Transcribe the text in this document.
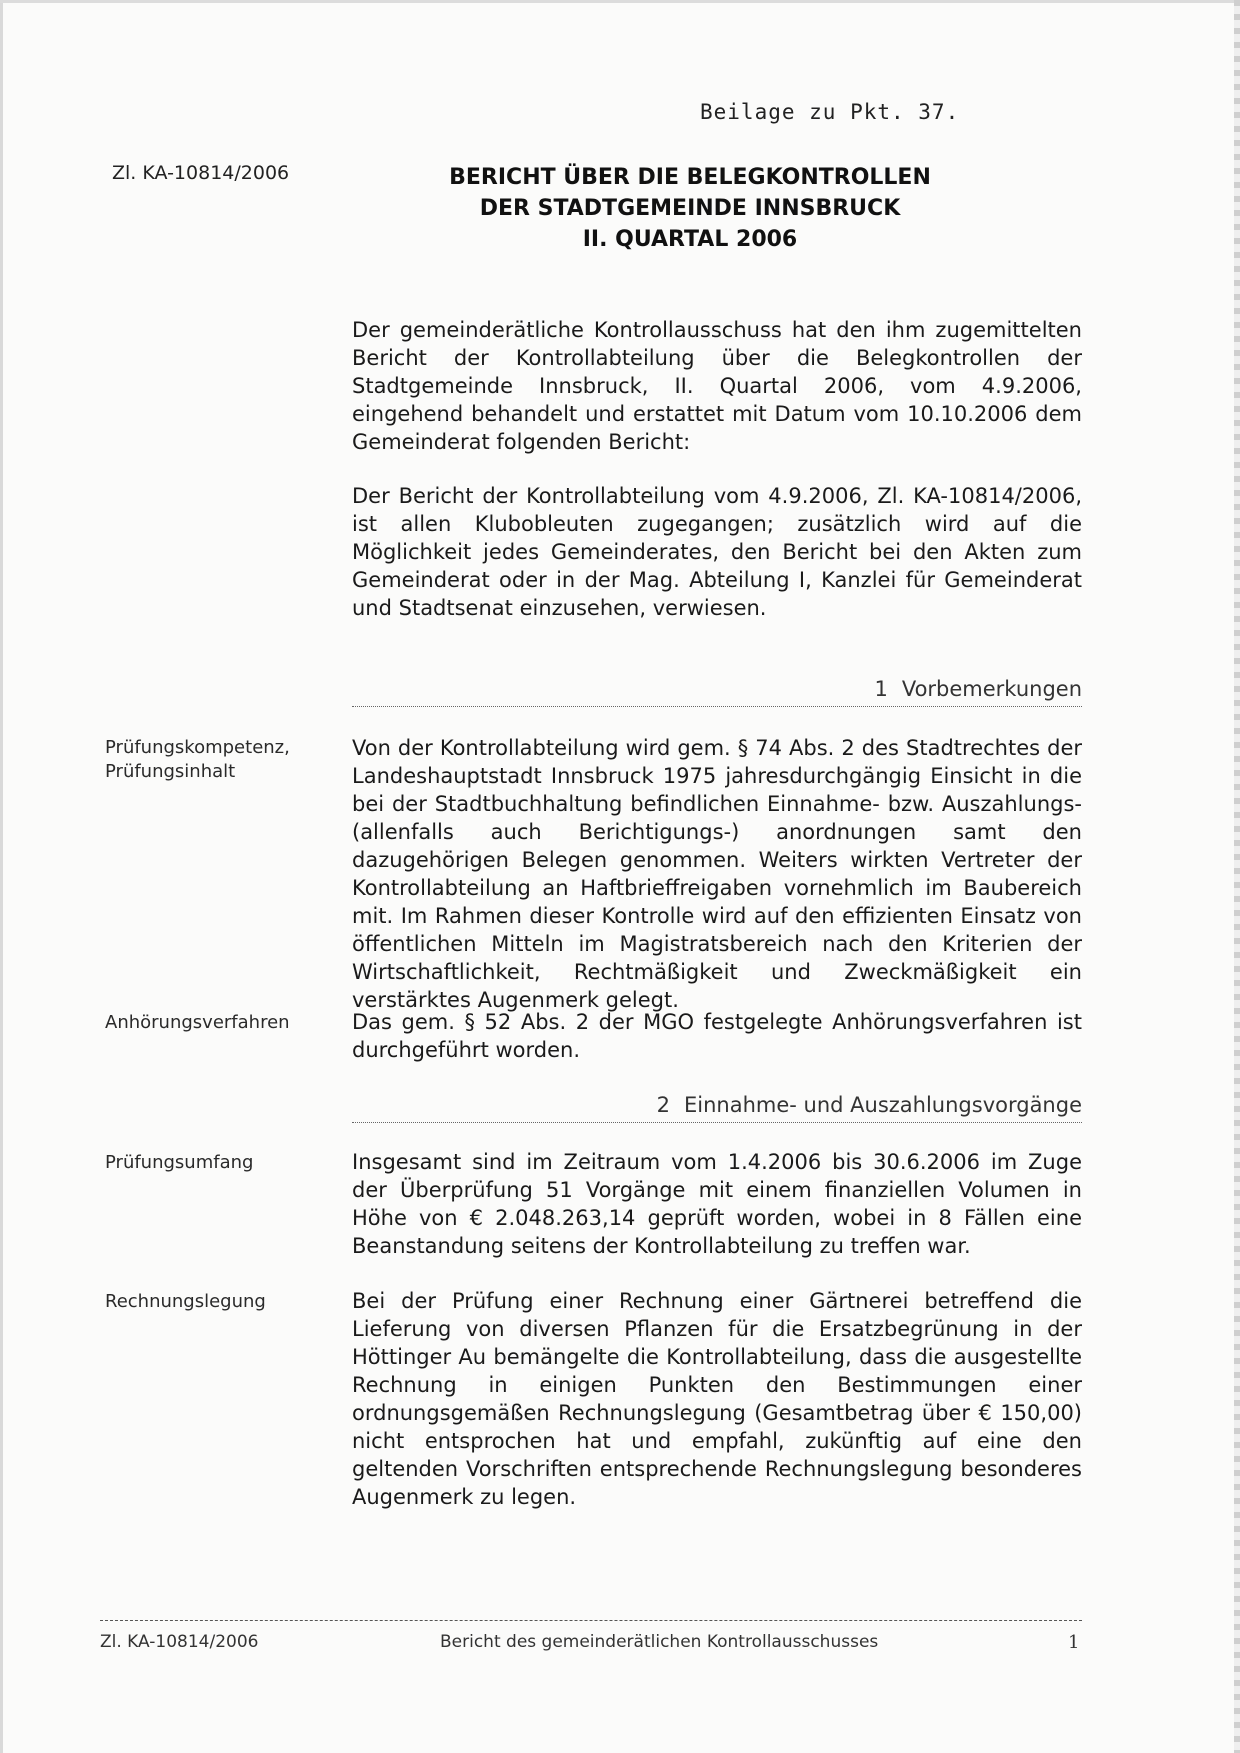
Beilage zu Pkt. 37.
Zl. KA-10814/2006	BERICHT ÜBER DIE BELEGKONTROLLEN
DER STADTGEMEINDE INNSBRUCK
II. QUARTAL 2006
Der gemeinderätliche Kontrollausschuss hat den ihm zugemittelten Bericht der Kontrollabteilung über die Belegkontrollen der Stadtgemeinde Innsbruck, II. Quartal 2006, vom 4.9.2006, eingehend behandelt und erstattet mit Datum vom 10.10.2006 dem Gemeinderat folgenden Bericht:
Der Bericht der Kontrollabteilung vom 4.9.2006, Zl. KA-10814/2006, ist allen Klubobleuten zugegangen; zusätzlich wird auf die Möglichkeit jedes Gemeinderates, den Bericht bei den Akten zum Gemeinderat oder in der Mag. Abteilung I, Kanzlei für Gemeinderat und Stadtsenat einzusehen, verwiesen.
1 Vorbemerkungen
Prüfungskompetenz, Prüfungsinhalt
Von der Kontrollabteilung wird gem. § 74 Abs. 2 des Stadtrechtes der Landeshauptstadt Innsbruck 1975 jahresdurchgängig Einsicht in die bei der Stadtbuchhaltung befindlichen Einnahme- bzw. Auszahlungs- (allenfalls auch Berichtigungs-) anordnungen samt den dazugehörigen Belegen genommen. Weiters wirkten Vertreter der Kontrollabteilung an Haftbrieffreigaben vornehmlich im Baubereich mit. Im Rahmen dieser Kontrolle wird auf den effizienten Einsatz von öffentlichen Mitteln im Magistratsbereich nach den Kriterien der Wirtschaftlichkeit, Rechtmäßigkeit und Zweckmäßigkeit ein verstärktes Augenmerk gelegt.
Anhörungsverfahren	Das gem. § 52 Abs. 2 der MGO festgelegte Anhörungsverfahren ist durchgeführt worden.
2 Einnahme- und Auszahlungsvorgänge
Prüfungsumfang	Insgesamt sind im Zeitraum vom 1.4.2006 bis 30.6.2006 im Zuge der Überprüfung 51 Vorgänge mit einem finanziellen Volumen in Höhe von € 2.048.263,14 geprüft worden, wobei in 8 Fällen eine Beanstandung seitens der Kontrollabteilung zu treffen war.
Rechnungslegung	Bei der Prüfung einer Rechnung einer Gärtnerei betreffend die Lieferung von diversen Pflanzen für die Ersatzbegrünung in der Höttinger Au bemängelte die Kontrollabteilung, dass die ausgestellte Rechnung in einigen Punkten den Bestimmungen einer ordnungsgemäßen Rechnungslegung (Gesamtbetrag über € 150,00) nicht entsprochen hat und empfahl, zukünftig auf eine den geltenden Vorschriften entsprechende Rechnungslegung besonderes Augenmerk zu legen.
Zl. KA-10814/2006	Bericht des gemeinderätlichen Kontrollausschusses	1
